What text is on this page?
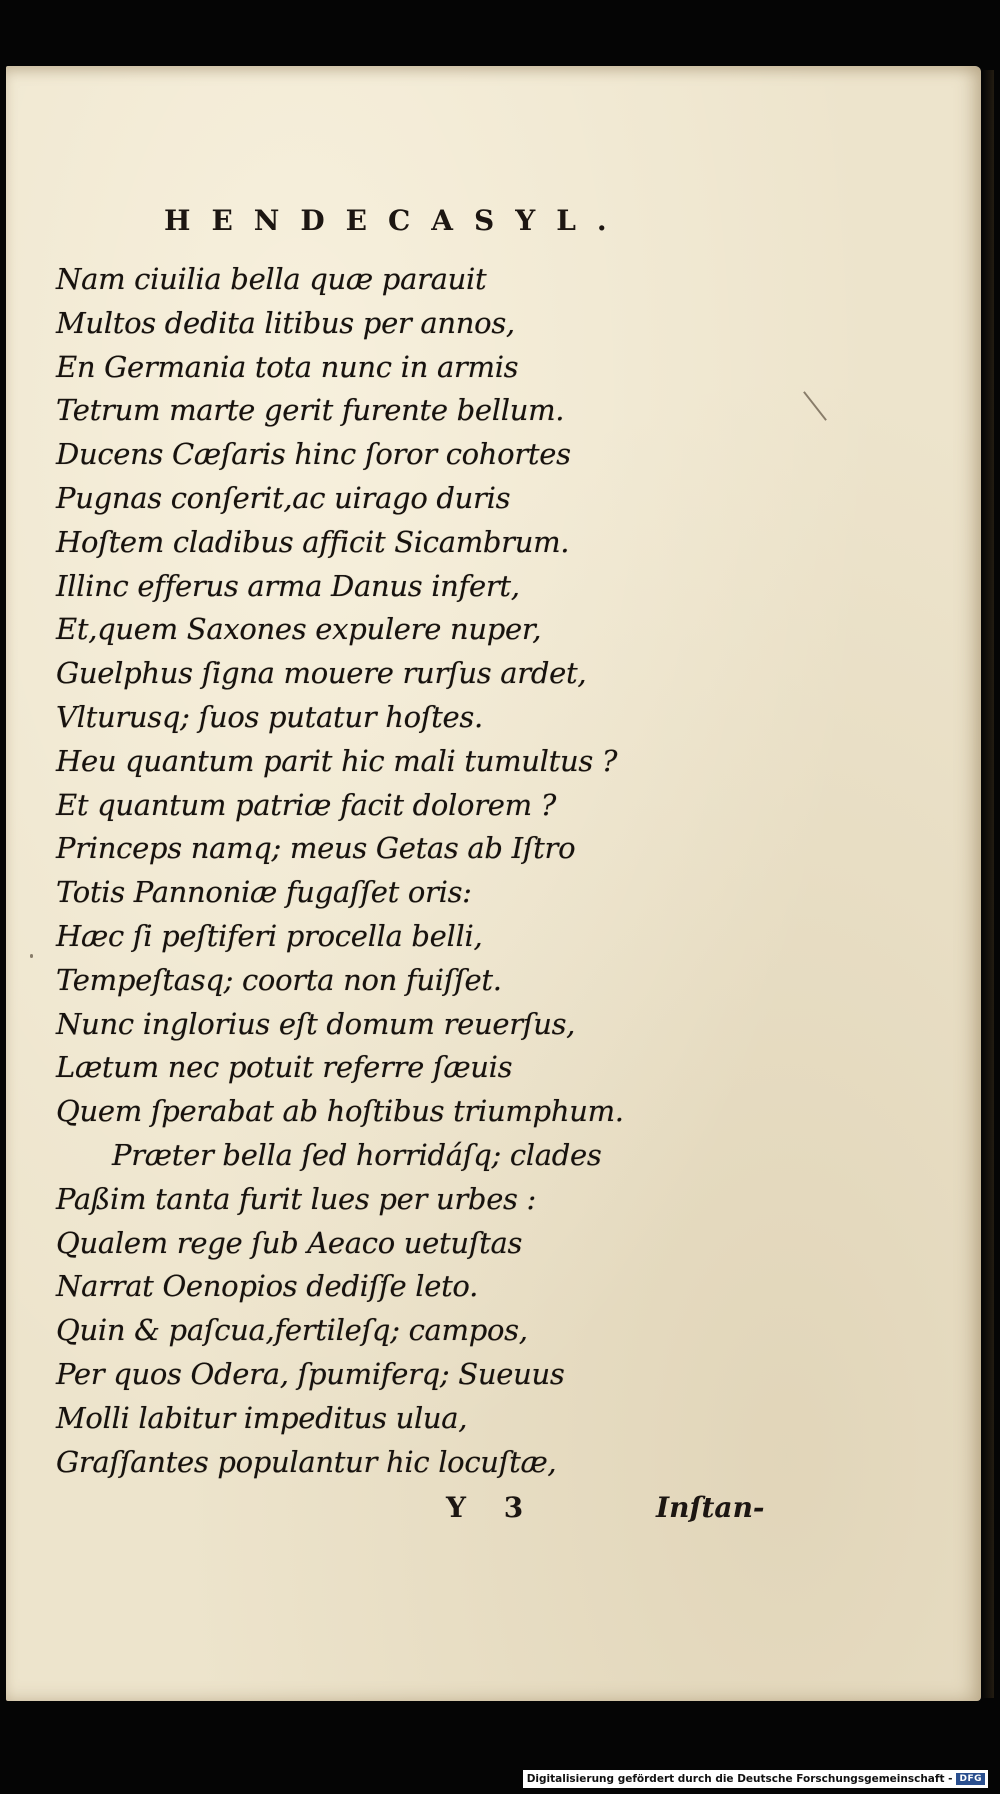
HENDECASYL.
Nam ciuilia bella quæ parauit
Multos dedita litibus per annos,
En Germania tota nunc in armis
Tetrum marte gerit furente bellum.
Ducens Cæſaris hinc ſoror cohortes
Pugnas conſerit,ac uirago duris
Hoſtem cladibus afficit Sicambrum.
Illinc efferus arma Danus infert,
Et,quem Saxones expulere nuper,
Guelphus ſigna mouere rurſus ardet,
Vlturusq; ſuos putatur hoſtes.
Heu quantum parit hic mali tumultus ?
Et quantum patriæ facit dolorem ?
Princeps namq; meus Getas ab Iſtro
Totis Pannoniæ fugaſſet oris:
Hæc ſi peſtiferi procella belli,
Tempeſtasq; coorta non fuiſſet.
Nunc inglorius eſt domum reuerſus,
Lætum nec potuit referre ſæuis
Quem ſperabat ab hoſtibus triumphum.
Præter bella ſed horridáſq; clades
Paßim tanta furit lues per urbes :
Qualem rege ſub Aeaco uetuſtas
Narrat Oenopios dediſſe leto.
Quin & paſcua,fertileſq; campos,
Per quos Odera, ſpumiferq; Sueuus
Molli labitur impeditus ulua,
Graſſantes populantur hic locuſtæ,
Y 3	Inſtan-
Digitalisierung gefördert durch die Deutsche Forschungsgemeinschaft - DFG
